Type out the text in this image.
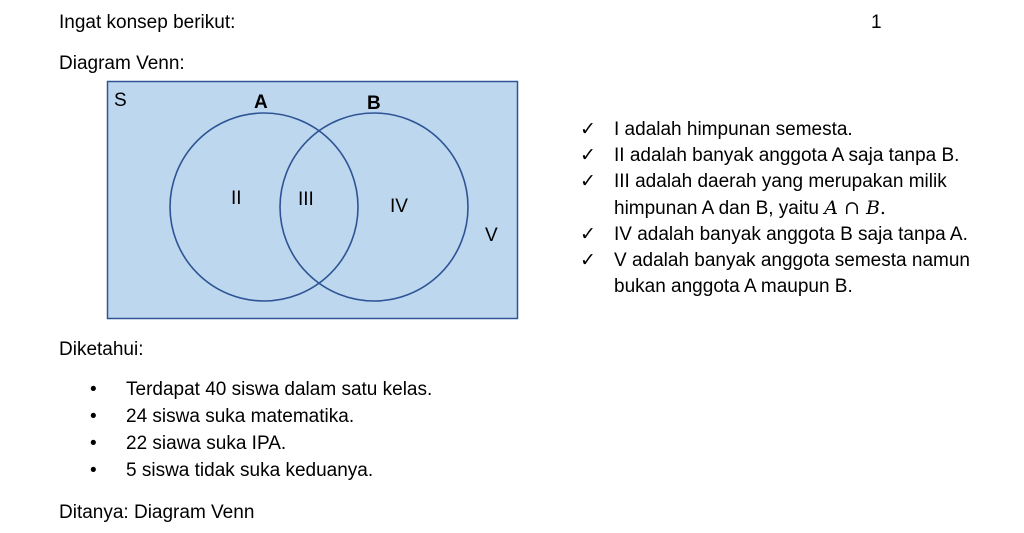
Ingat konsep berikut:	1
Diagram Venn:
S	A	B
II	III	IV
V
✓ I adalah himpunan semesta.
✓ II adalah banyak anggota A saja tanpa B.
✓ III adalah daerah yang merupakan milik
himpunan A dan B, yaitu A ∩ B.
✓ IV adalah banyak anggota B saja tanpa A.
✓ V adalah banyak anggota semesta namun
bukan anggota A maupun B.
Diketahui:
• Terdapat 40 siswa dalam satu kelas.
• 24 siswa suka matematika.
• 22 siawa suka IPA.
• 5 siswa tidak suka keduanya.
Ditanya: Diagram Venn
